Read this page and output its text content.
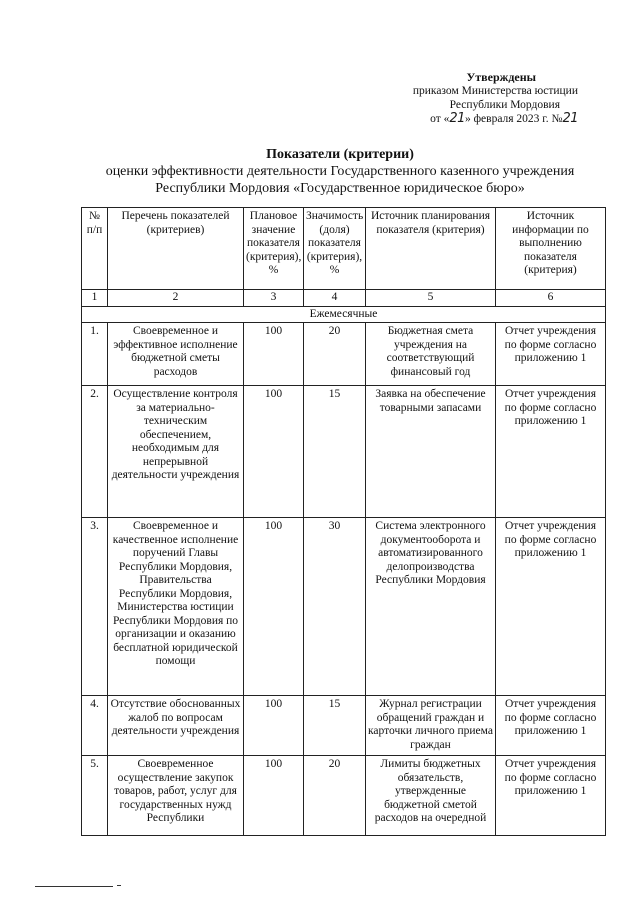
Утверждены
приказом Министерства юстиции
Республики Мордовия
от «21» февраля 2023 г. №21
Показатели (критерии)
оценки эффективности деятельности Государственного казенного учреждения
Республики Мордовия «Государственное юридическое бюро»
№ п/п	Перечень показателей (критериев)	Плановое значение показателя (критерия), %	Значимость (доля) показателя (критерия), %	Источник планирования показателя (критерия)	Источник информации по выполнению показателя (критерия)
1	2	3	4	5	6
Ежемесячные					
1.	Своевременное и эффективное исполнение бюджетной сметы расходов	100	20	Бюджетная смета учреждения на соответствующий финансовый год	Отчет учреждения по форме согласно приложению 1
2.	Осуществление контроля за материально-техническим обеспечением, необходимым для непрерывной деятельности учреждения	100	15	Заявка на обеспечение товарными запасами	Отчет учреждения по форме согласно приложению 1
3.	Своевременное и качественное исполнение поручений Главы Республики Мордовия, Правительства Республики Мордовия, Министерства юстиции Республики Мордовия по организации и оказанию бесплатной юридической помощи	100	30	Система электронного документооборота и автоматизированного делопроизводства Республики Мордовия	Отчет учреждения по форме согласно приложению 1
4.	Отсутствие обоснованных жалоб по вопросам деятельности учреждения	100	15	Журнал регистрации обращений граждан и карточки личного приема граждан	Отчет учреждения по форме согласно приложению 1
5.	Своевременное осуществление закупок товаров, работ, услуг для государственных нужд Республики	100	20	Лимиты бюджетных обязательств, утвержденные бюджетной сметой расходов на очередной	Отчет учреждения по форме согласно приложению 1
